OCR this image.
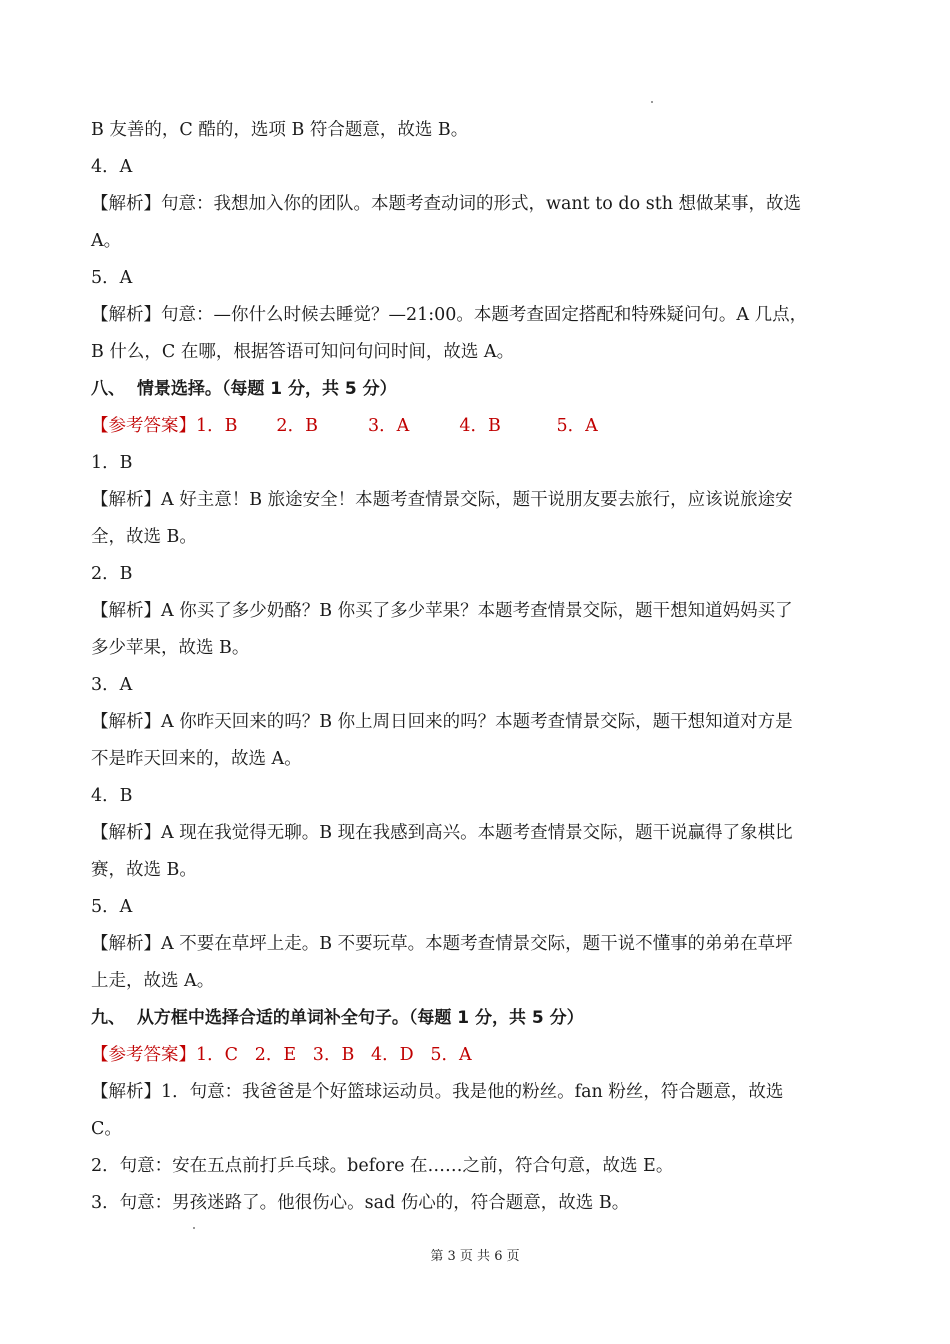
B 友善的，C 酷的，选项 B 符合题意，故选 B。

4．A

【解析】句意：我想加入你的团队。本题考查动词的形式，want to do sth 想做某事，故选

A。

5．A

【解析】句意：—你什么时候去睡觉？—21:00。本题考查固定搭配和特殊疑问句。A 几点，

B 什么，C 在哪，根据答语可知问句问时间，故选 A。

八、  情景选择。（每题 1 分，共 5 分）

【参考答案】1．B       2．B         3．A         4．B          5．A

1．B

【解析】A 好主意！B 旅途安全！本题考查情景交际，题干说朋友要去旅行，应该说旅途安

全，故选 B。

2．B

【解析】A 你买了多少奶酪？B 你买了多少苹果？本题考查情景交际，题干想知道妈妈买了

多少苹果，故选 B。

3．A

【解析】A 你昨天回来的吗？B 你上周日回来的吗？本题考查情景交际，题干想知道对方是

不是昨天回来的，故选 A。

4．B

【解析】A 现在我觉得无聊。B 现在我感到高兴。本题考查情景交际，题干说赢得了象棋比

赛，故选 B。

5．A

【解析】A 不要在草坪上走。B 不要玩草。本题考查情景交际，题干说不懂事的弟弟在草坪

上走，故选 A。

九、  从方框中选择合适的单词补全句子。（每题 1 分，共 5 分）

【参考答案】1．C   2．E   3．B   4．D   5．A

【解析】1．句意：我爸爸是个好篮球运动员。我是他的粉丝。fan 粉丝，符合题意，故选

C。

2．句意：安在五点前打乒乓球。before 在……之前，符合句意，故选 E。

3．句意：男孩迷路了。他很伤心。sad 伤心的，符合题意，故选 B。

第 3 页 共 6 页
